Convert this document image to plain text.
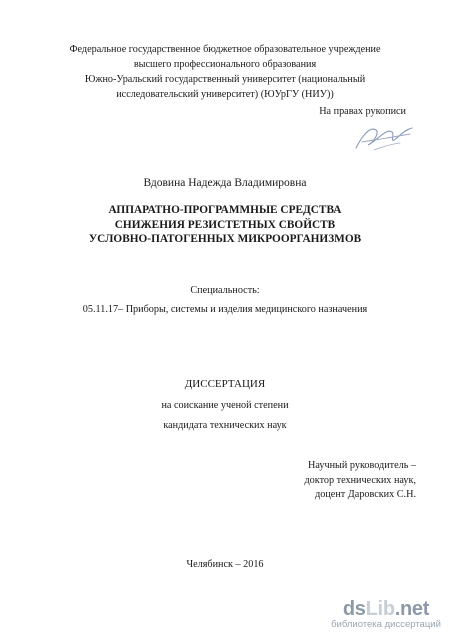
Федеральное государственное бюджетное образовательное учреждение

высшего профессионального образования

Южно-Уральский государственный университет (национальный

исследовательский университет) (ЮУрГУ (НИУ))

На правах рукописи
Вдовина Надежда Владимировна

АППАРАТНО-ПРОГРАММНЫЕ СРЕДСТВА

СНИЖЕНИЯ РЕЗИСТЕТНЫХ СВОЙСТВ

УСЛОВНО-ПАТОГЕННЫХ МИКРООРГАНИЗМОВ

Специальность:
05.11.17– Приборы, системы и изделия медицинского назначения
ДИССЕРТАЦИЯ
на соискание ученой степени
кандидата технических наук
Научный руководитель –
доктор технических наук,
доцент Даровских С.Н.
Челябинск – 2016
dsLib.net
библиотека диссертаций
